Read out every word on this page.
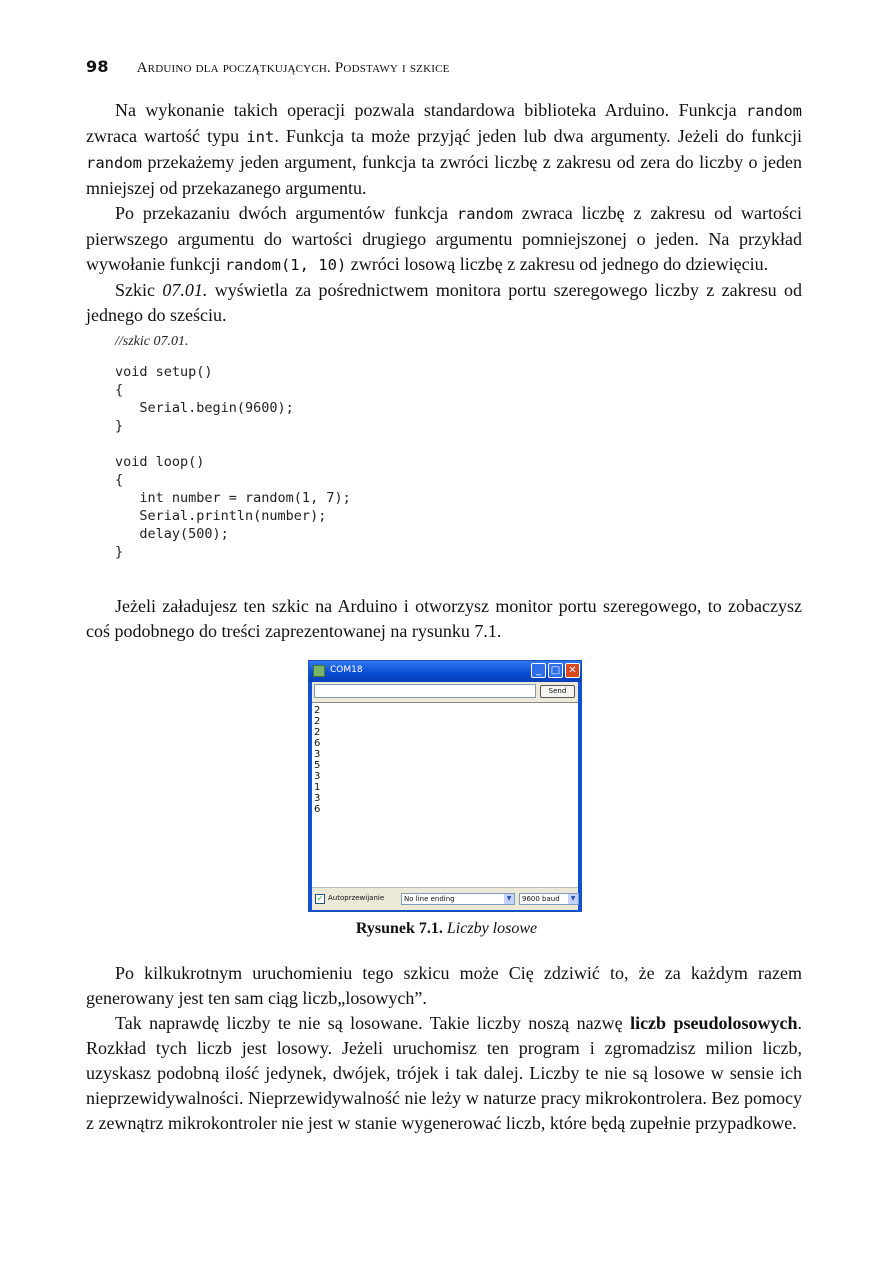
98 Arduino dla początkujących. Podstawy i szkice

Na wykonanie takich operacji pozwala standardowa biblioteka Arduino. Funkcja random zwraca wartość typu int. Funkcja ta może przyjąć jeden lub dwa argumenty. Jeżeli do funkcji random przekażemy jeden argument, funkcja ta zwróci liczbę z zakresu od zera do liczby o jeden mniejszej od przekazanego argumentu.

Po przekazaniu dwóch argumentów funkcja random zwraca liczbę z zakresu od wartości pierwszego argumentu do wartości drugiego argumentu pomniejszonej o jeden. Na przykład wywołanie funkcji random(1, 10) zwróci losową liczbę z zakresu od jednego do dziewięciu.

Szkic 07.01. wyświetla za pośrednictwem monitora portu szeregowego liczby z zakresu od jednego do sześciu.

//szkic 07.01.
void setup()
{
Serial.begin(9600);
}
void loop()
{
int number = random(1, 7);
Serial.println(number);
delay(500);
}

Jeżeli załadujesz ten szkic na Arduino i otworzysz monitor portu szeregowego, to zobaczysz coś podobnego do treści zaprezentowanej na rysunku 7.1.

COM18	_ □ ✕
Send
2
2
2
6
3
5
3
1
3
6
✓ Autoprzewijanie	No line ending	▼	9600 baud	▼
Rysunek 7.1. Liczby losowe

Po kilkukrotnym uruchomieniu tego szkicu może Cię zdziwić to, że za każdym razem generowany jest ten sam ciąg liczb„losowych”.

Tak naprawdę liczby te nie są losowane. Takie liczby noszą nazwę liczb pseudolosowych. Rozkład tych liczb jest losowy. Jeżeli uruchomisz ten program i zgromadzisz milion liczb, uzyskasz podobną ilość jedynek, dwójek, trójek i tak dalej. Liczby te nie są losowe w sensie ich nieprzewidywalności. Nieprzewidywalność nie leży w naturze pracy mikrokontrolera. Bez pomocy z zewnątrz mikrokontroler nie jest w stanie wygenerować liczb, które będą zupełnie przypadkowe.
